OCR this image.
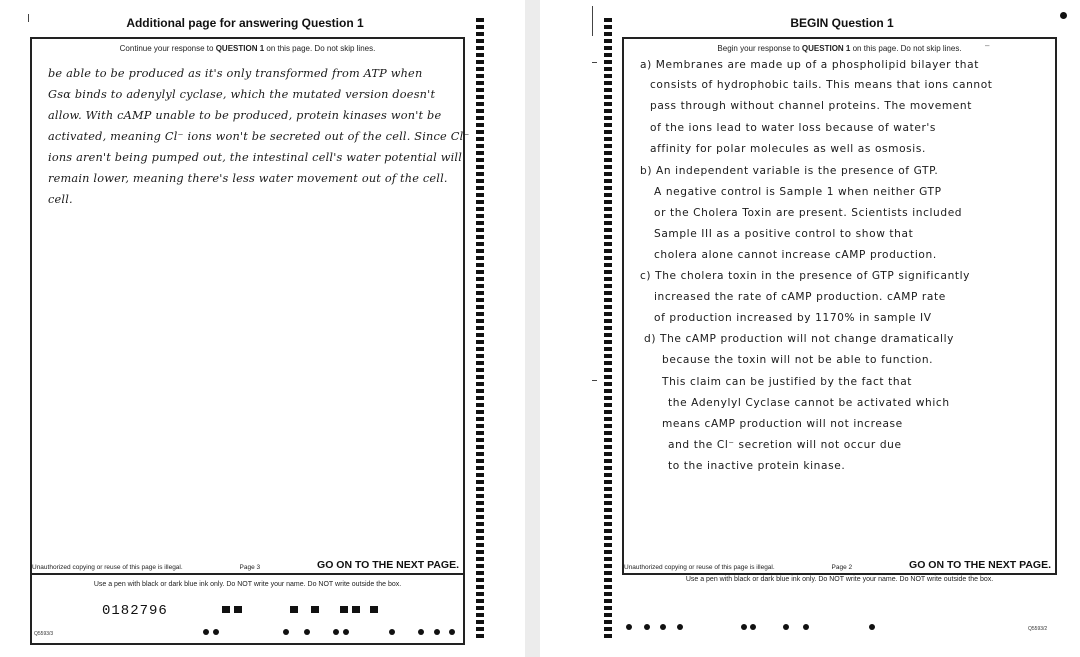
Additional page for answering Question 1
Continue your response to QUESTION 1 on this page. Do not skip lines.
be able to be produced as it's only transformed from ATP when
Gsα binds to adenylyl cyclase, which the mutated version doesn't
allow. With cAMP unable to be produced, protein kinases won't be
activated, meaning Cl⁻ ions won't be secreted out of the cell. Since Cl⁻
ions aren't being pumped out, the intestinal cell's water potential will
remain lower, meaning there's less water movement out of the cell.
cell.
Unauthorized copying or reuse of this page is illegal.	Page 3	GO ON TO THE NEXT PAGE.
Use a pen with black or dark blue ink only. Do NOT write your name. Do NOT write outside the box.
0182796
Q5593/3
BEGIN Question 1
–
Begin your response to QUESTION 1 on this page. Do not skip lines.
a) Membranes are made up of a phospholipid bilayer that
consists of hydrophobic tails. This means that ions cannot
pass through without channel proteins. The movement
of the ions lead to water loss because of water's
affinity for polar molecules as well as osmosis.
b) An independent variable is the presence of GTP.
A negative control is Sample 1 when neither GTP
or the Cholera Toxin are present. Scientists included
Sample III as a positive control to show that
cholera alone cannot increase cAMP production.
c) The cholera toxin in the presence of GTP significantly
increased the rate of cAMP production. cAMP rate
of production increased by 1170% in sample IV
d) The cAMP production will not change dramatically
because the toxin will not be able to function.
This claim can be justified by the fact that
the Adenylyl Cyclase cannot be activated which
means cAMP production will not increase
and the Cl⁻ secretion will not occur due
to the inactive protein kinase.
Unauthorized copying or reuse of this page is illegal.	Page 2	GO ON TO THE NEXT PAGE.
Use a pen with black or dark blue ink only. Do NOT write your name. Do NOT write outside the box.
Q5593/2
